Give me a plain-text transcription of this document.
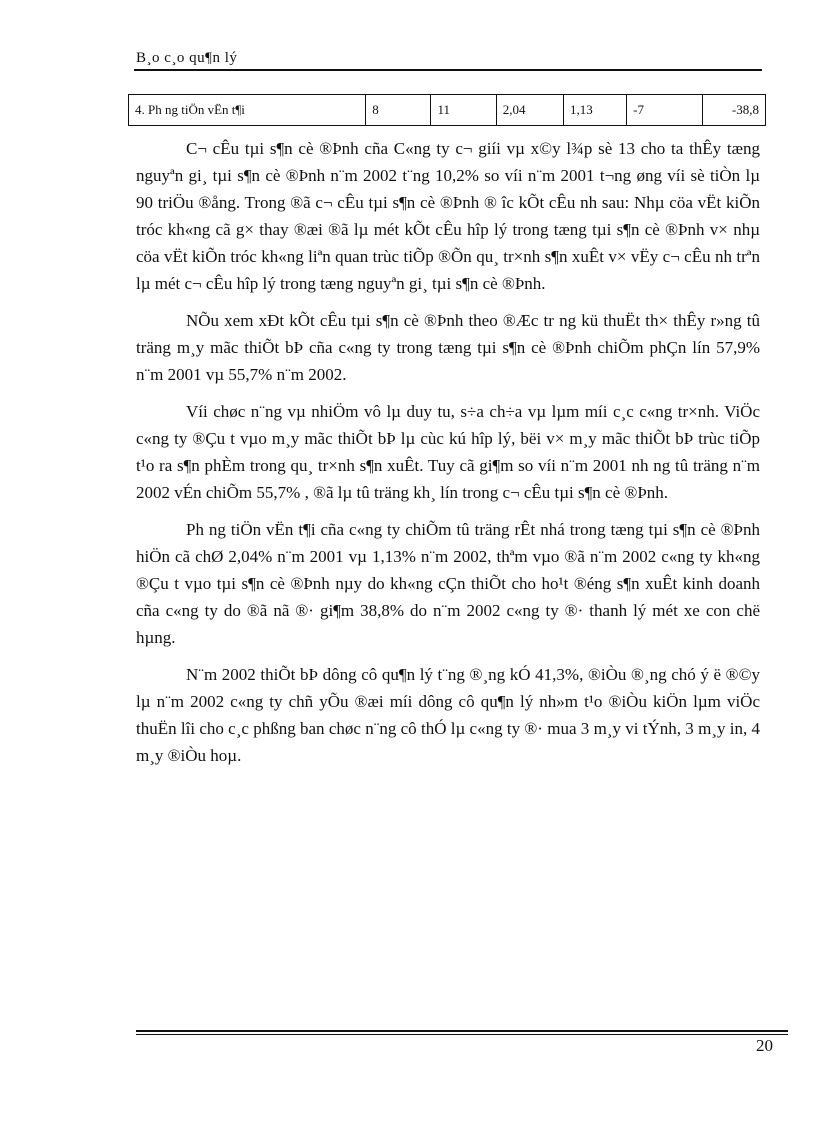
B¸o c¸o qu¶n lý
4. Ph ng tiÖn vËn t¶i	8	11	2,04	1,13	-7	-38,8

C¬ cÊu tµi s¶n cè ®Þnh cña C«ng ty c¬ giíi vµ x©y l¾p sè 13 cho ta thÊy tæng nguyªn gi¸ tµi s¶n cè ®Þnh n¨m 2002 t¨ng 10,2% so víi n¨m 2001 t¬ng øng víi sè tiÒn lµ 90 triÖu ®ång. Trong ®ã c¬ cÊu tµi s¶n cè ®Þnh ® îc kÕt cÊu nh sau: Nhµ cöa vËt kiÕn tróc kh«ng cã g× thay ®æi ®ã lµ mét kÕt cÊu hîp lý trong tæng tµi s¶n cè ®Þnh v× nhµ cöa vËt kiÕn tróc kh«ng liªn quan trùc tiÕp ®Õn qu¸ tr×nh s¶n xuÊt v× vËy c¬ cÊu nh trªn lµ mét c¬ cÊu hîp lý trong tæng nguyªn gi¸ tµi s¶n cè ®Þnh.

NÕu xem xÐt kÕt cÊu tµi s¶n cè ®Þnh theo ®Æc tr ng kü thuËt th× thÊy r»ng tû träng m¸y mãc thiÕt bÞ cña c«ng ty trong tæng tµi s¶n cè ®Þnh chiÕm phÇn lín 57,9% n¨m 2001 vµ 55,7% n¨m 2002.

Víi chøc n¨ng vµ nhiÖm vô lµ duy tu, s÷a ch÷a vµ lµm míi c¸c c«ng tr×nh. ViÖc c«ng ty ®Çu t vµo m¸y mãc thiÕt bÞ lµ cùc kú hîp lý, bëi v× m¸y mãc thiÕt bÞ trùc tiÕp t¹o ra s¶n phÈm trong qu¸ tr×nh s¶n xuÊt. Tuy cã gi¶m so víi n¨m 2001 nh ng tû träng n¨m 2002 vÉn chiÕm 55,7% , ®ã lµ tû träng kh¸ lín trong c¬ cÊu tµi s¶n cè ®Þnh.

Ph ng tiÖn vËn t¶i cña c«ng ty chiÕm tû träng rÊt nhá trong tæng tµi s¶n cè ®Þnh hiÖn cã chØ 2,04% n¨m 2001 vµ 1,13% n¨m 2002, thªm vµo ®ã n¨m 2002 c«ng ty kh«ng ®Çu t vµo tµi s¶n cè ®Þnh nµy do kh«ng cÇn thiÕt cho ho¹t ®éng s¶n xuÊt kinh doanh cña c«ng ty do ®ã nã ®· gi¶m 38,8% do n¨m 2002 c«ng ty ®· thanh lý mét xe con chë hµng.

N¨m 2002 thiÕt bÞ dông cô qu¶n lý t¨ng ®¸ng kÓ 41,3%, ®iÒu ®¸ng chó ý ë ®©y lµ n¨m 2002 c«ng ty chñ yÕu ®æi míi dông cô qu¶n lý nh»m t¹o ®iÒu kiÖn lµm viÖc thuËn lîi cho c¸c phßng ban chøc n¨ng cô thÓ lµ c«ng ty ®· mua 3 m¸y vi tÝnh, 3 m¸y in, 4 m¸y ®iÒu hoµ.

20
